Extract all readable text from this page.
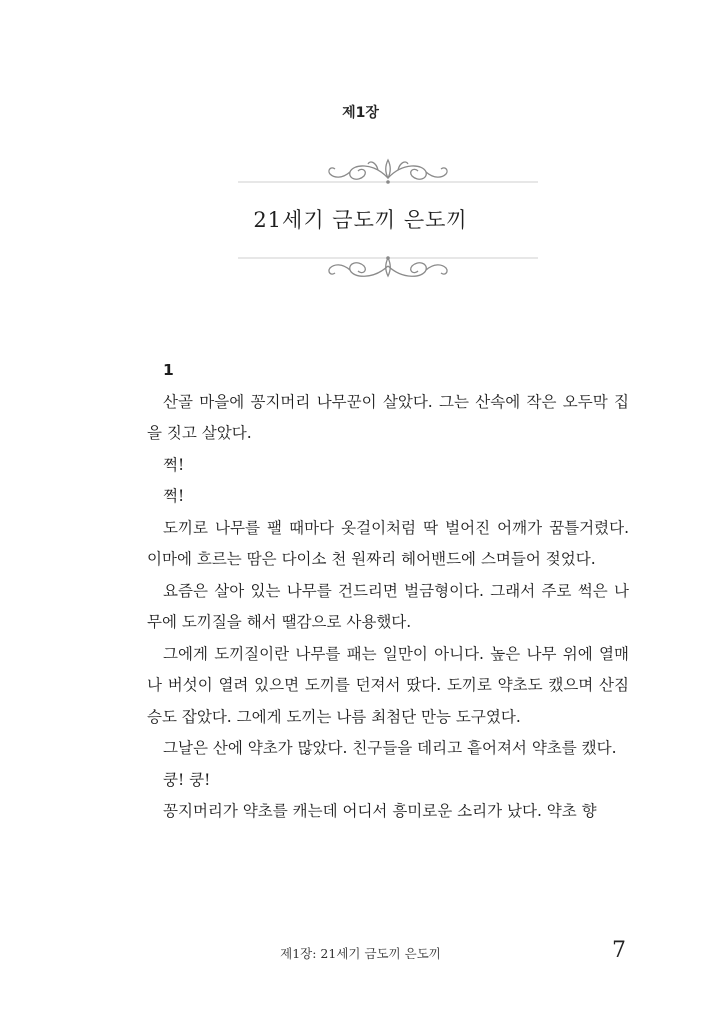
제1장
21세기 금도끼 은도끼

1

산골 마을에 꽁지머리 나무꾼이 살았다. 그는 산속에 작은 오두막 집을 짓고 살았다.

쩍!

쩍!

도끼로 나무를 팰 때마다 옷걸이처럼 딱 벌어진 어깨가 꿈틀거렸다. 이마에 흐르는 땀은 다이소 천 원짜리 헤어밴드에 스며들어 젖었다.

요즘은 살아 있는 나무를 건드리면 벌금형이다. 그래서 주로 썩은 나무에 도끼질을 해서 땔감으로 사용했다.

그에게 도끼질이란 나무를 패는 일만이 아니다. 높은 나무 위에 열매나 버섯이 열려 있으면 도끼를 던져서 땄다. 도끼로 약초도 캤으며 산짐승도 잡았다. 그에게 도끼는 나름 최첨단 만능 도구였다.

그날은 산에 약초가 많았다. 친구들을 데리고 흩어져서 약초를 캤다.

쿵! 쿵!

꽁지머리가 약초를 캐는데 어디서 흥미로운 소리가 났다. 약초 향

제1장: 21세기 금도끼 은도끼	7
